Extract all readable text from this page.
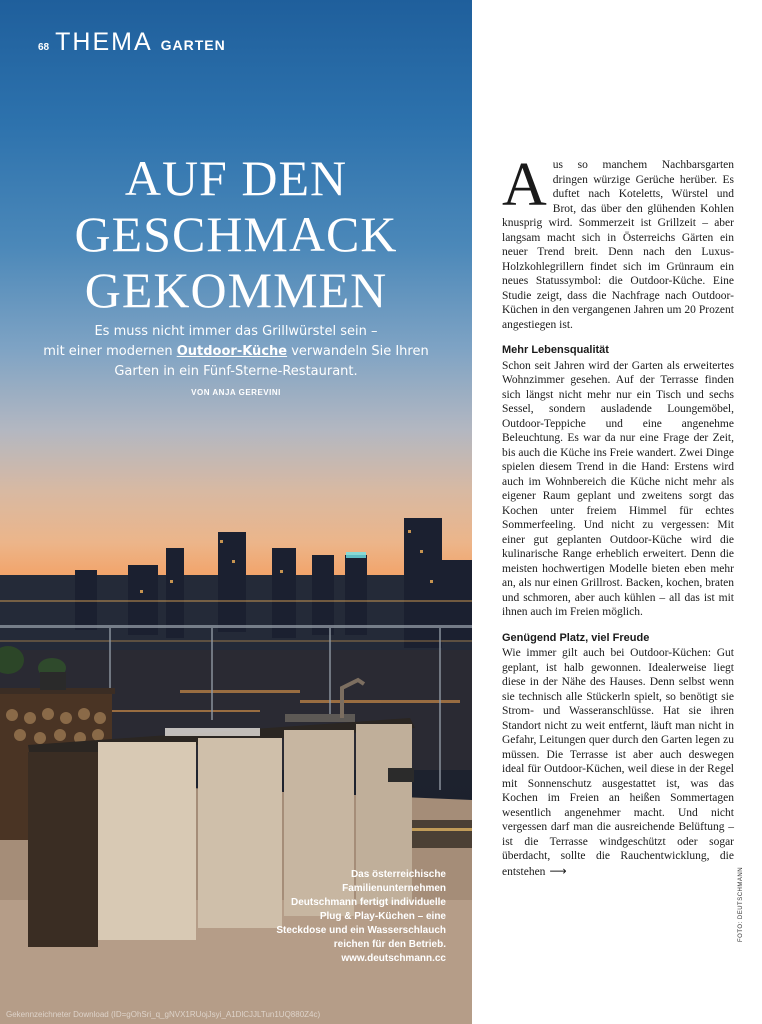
68 THEMA GARTEN
AUF DEN
GESCHMACK
GEKOMMEN
Es muss nicht immer das Grillwürstel sein –
mit einer modernen Outdoor-Küche verwandeln Sie Ihren
Garten in ein Fünf-Sterne-Restaurant.
VON ANJA GEREVINI
Das österreichische Familienunternehmen Deutschmann fertigt individuelle Plug & Play-Küchen – eine Steckdose und ein Wasserschlauch reichen für den Betrieb. www.deutschmann.cc
Gekennzeichneter Download (ID=gOhSri_q_gNVX1RUojJsyi_A1DlCJJLTun1UQ880Z4c)

Aus so manchem Nachbarsgarten dringen würzige Gerüche herüber. Es duftet nach Koteletts, Würstel und Brot, das über den glühenden Kohlen knusprig wird. Sommerzeit ist Grillzeit – aber langsam macht sich in Österreichs Gärten ein neuer Trend breit. Denn nach den Luxus-Holzkohlegrillern findet sich im Grünraum ein neues Statussymbol: die Outdoor-Küche. Eine Studie zeigt, dass die Nachfrage nach Outdoor-Küchen in den vergangenen Jahren um 20 Prozent angestiegen ist.

Mehr Lebensqualität

Schon seit Jahren wird der Garten als erweitertes Wohnzimmer gesehen. Auf der Terrasse finden sich längst nicht mehr nur ein Tisch und sechs Sessel, sondern ausladende Loungemöbel, Outdoor-Teppiche und eine angenehme Beleuchtung. Es war da nur eine Frage der Zeit, bis auch die Küche ins Freie wandert. Zwei Dinge spielen diesem Trend in die Hand: Erstens wird auch im Wohnbereich die Küche nicht mehr als eigener Raum geplant und zweitens sorgt das Kochen unter freiem Himmel für echtes Sommerfeeling. Und nicht zu vergessen: Mit einer gut geplanten Outdoor-Küche wird die kulinarische Range erheblich erweitert. Denn die meisten hochwertigen Modelle bieten eben mehr an, als nur einen Grillrost. Backen, kochen, braten und schmoren, aber auch kühlen – all das ist mit ihnen auch im Freien möglich.

Genügend Platz, viel Freude

Wie immer gilt auch bei Outdoor-Küchen: Gut geplant, ist halb gewonnen. Idealerweise liegt diese in der Nähe des Hauses. Denn selbst wenn sie technisch alle Stückerln spielt, so benötigt sie Strom- und Wasseranschlüsse. Hat sie ihren Standort nicht zu weit entfernt, läuft man nicht in Gefahr, Leitungen quer durch den Garten legen zu müssen. Die Terrasse ist aber auch deswegen ideal für Outdoor-Küchen, weil diese in der Regel mit Sonnenschutz ausgestattet ist, was das Kochen im Freien an heißen Sommertagen wesentlich angenehmer macht. Und nicht vergessen darf man die ausreichende Belüftung – ist die Terrasse windgeschützt oder sogar überdacht, sollte die Rauchentwicklung, die entstehen ⟶	FOTO: DEUTSCHMANN
